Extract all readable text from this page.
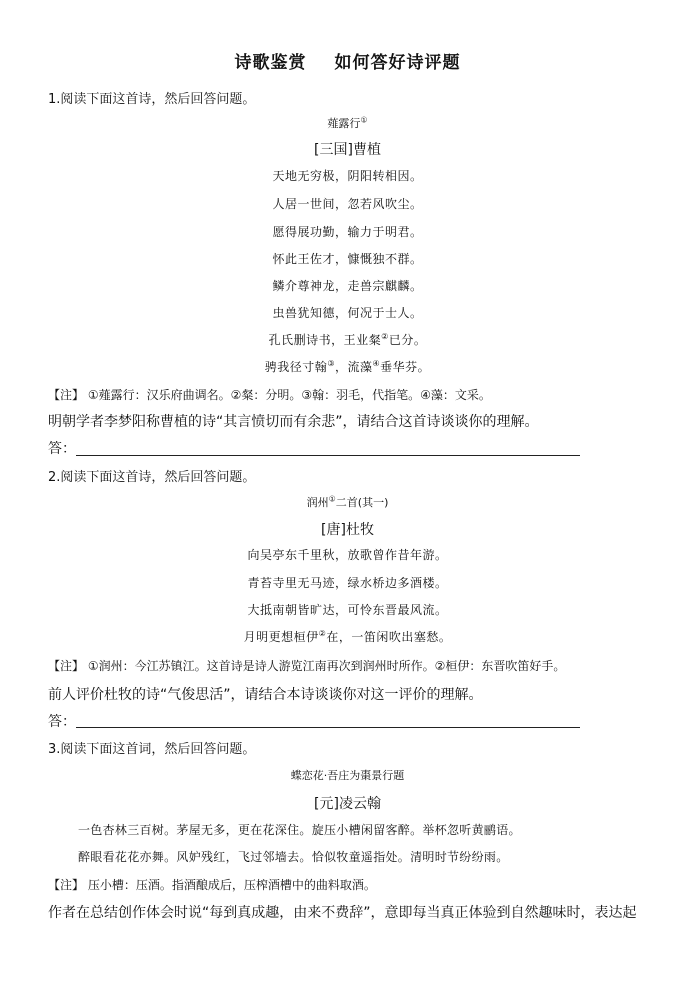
诗歌鉴赏 如何答好诗评题
1.阅读下面这首诗，然后回答问题。
薤露行①
[三国]曹植
天地无穷极，阴阳转相因。
人居一世间，忽若风吹尘。
愿得展功勤，输力于明君。
怀此王佐才，慷慨独不群。
鳞介尊神龙，走兽宗麒麟。
虫兽犹知德，何况于士人。
孔氏删诗书，王业粲②已分。
骋我径寸翰③，流藻④垂华芬。
【注】 ①薤露行：汉乐府曲调名。②粲：分明。③翰：羽毛，代指笔。④藻：文采。
明朝学者李梦阳称曹植的诗“其言愤切而有余悲”，请结合这首诗谈谈你的理解。
答：
2.阅读下面这首诗，然后回答问题。
润州①二首(其一)
[唐]杜牧
向吴亭东千里秋，放歌曾作昔年游。
青苔寺里无马迹，绿水桥边多酒楼。
大抵南朝皆旷达，可怜东晋最风流。
月明更想桓伊②在，一笛闲吹出塞愁。
【注】 ①润州：今江苏镇江。这首诗是诗人游览江南再次到润州时所作。②桓伊：东晋吹笛好手。
前人评价杜牧的诗“气俊思活”，请结合本诗谈谈你对这一评价的理解。
答：
3.阅读下面这首词，然后回答问题。
蝶恋花·吾庄为棗景行题
[元]凌云翰
一色杏林三百树。茅屋无多，更在花深住。旋压小槽闲留客醉。举杯忽听黄鹂语。
醉眼看花花亦舞。风妒残红，飞过邻墙去。恰似牧童遥指处。清明时节纷纷雨。
【注】 压小槽：压酒。指酒酿成后，压榨酒槽中的曲料取酒。
作者在总结创作体会时说“每到真成趣，由来不费辞”，意即每当真正体验到自然趣味时，表达起
